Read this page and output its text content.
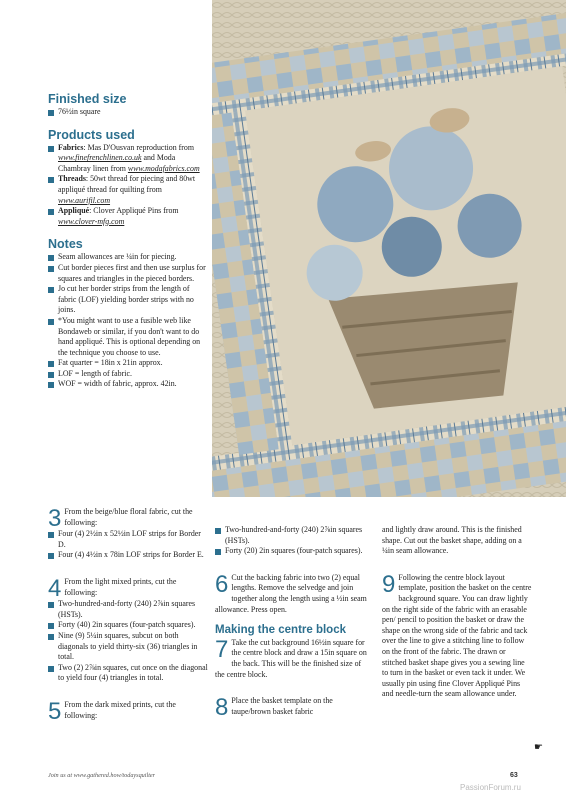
Finished size
76½in square
Products used
Fabrics: Mas D'Ousvan reproduction from www.finefrenchlinen.co.uk and Moda Chambray linen from www.modafabrics.com
Threads: 50wt thread for piecing and 80wt appliqué thread for quilting from www.aurifil.com
Appliqué: Clover Appliqué Pins from www.clover-mfg.com
Notes
Seam allowances are ¼in for piecing.
Cut border pieces first and then use surplus for squares and triangles in the pieced borders.
Jo cut her border strips from the length of fabric (LOF) yielding border strips with no joins.
*You might want to use a fusible web like Bondaweb or similar, if you don't want to do hand appliqué. This is optional depending on the technique you choose to use.
Fat quarter = 18in x 21in approx.
LOF = length of fabric.
WOF = width of fabric, approx. 42in.
3 From the beige/blue floral fabric, cut the following:
Four (4) 2½in x 52½in LOF strips for Border D.
Four (4) 4½in x 78in LOF strips for Border E.
4 From the light mixed prints, cut the following:
Two-hundred-and-forty (240) 2⅞in squares (HSTs).
Forty (40) 2in squares (four-patch squares).
Nine (9) 5¼in squares, subcut on both diagonals to yield thirty-six (36) triangles in total.
Two (2) 2⅞in squares, cut once on the diagonal to yield four (4) triangles in total.
5 From the dark mixed prints, cut the following:
Two-hundred-and-forty (240) 2⅞in squares (HSTs).
Forty (20) 2in squares (four-patch squares).
6 Cut the backing fabric into two (2) equal lengths. Remove the selvedge and join together along the length using a ½in seam allowance. Press open.
Making the centre block
7 Take the cut background 16½in square for the centre block and draw a 15in square on the back. This will be the finished size of the centre block.
8 Place the basket template on the taupe/brown basket fabric

and lightly draw around. This is the finished shape. Cut out the basket shape, adding on a ¼in seam allowance.

9 Following the centre block layout template, position the basket on the centre background square. You can draw lightly on the right side of the fabric with an erasable pen/ pencil to position the basket or draw the shape on the wrong side of the fabric and tack over the line to give a stitching line to follow on the front of the fabric. The drawn or stitched basket shape gives you a sewing line to turn in the basket or even tack it under. We usually pin using fine Clover Appliqué Pins and needle-turn the seam allowance under.
☛
Join us at www.gathered.how/todaysquilter	63
PassionForum.ru
